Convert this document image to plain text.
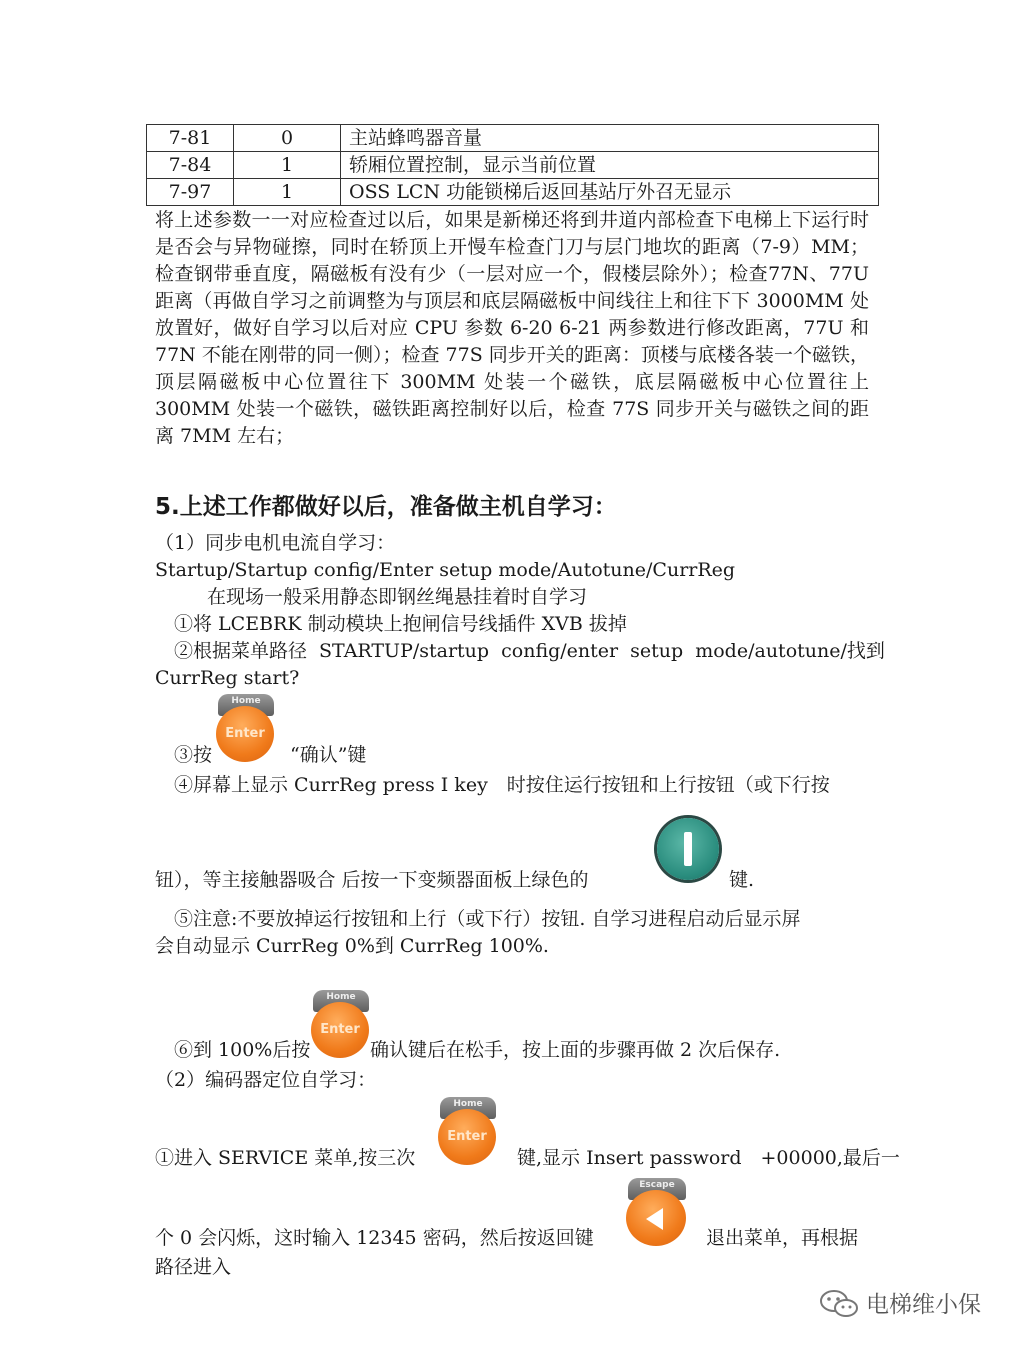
7-81	0	主站蜂鸣器音量
7-84	1	轿厢位置控制，显示当前位置
7-97	1	OSS LCN 功能锁梯后返回基站厅外召无显示
将上述参数一一对应检查过以后，如果是新梯还将到井道内部检查下电梯上下运行时是否会与异物碰擦，同时在轿顶上开慢车检查门刀与层门地坎的距离（7-9）MM；检查钢带垂直度，隔磁板有没有少（一层对应一个，假楼层除外）；检查77N、77U 距离（再做自学习之前调整为与顶层和底层隔磁板中间线往上和往下下 3000MM 处放置好，做好自学习以后对应 CPU 参数 6-20 6-21 两参数进行修改距离，77U 和 77N 不能在刚带的同一侧）；检查 77S 同步开关的距离：顶楼与底楼各装一个磁铁，顶层隔磁板中心位置往下 300MM 处装一个磁铁，底层隔磁板中心位置往上 300MM 处装一个磁铁，磁铁距离控制好以后，检查 77S 同步开关与磁铁之间的距离 7MM 左右；
5.上述工作都做好以后，准备做主机自学习：
（1）同步电机电流自学习：
Startup/Startup config/Enter setup mode/Autotune/CurrReg
在现场一般采用静态即钢丝绳悬挂着时自学习
①将 LCEBRK 制动模块上抱闸信号线插件 XVB 拔掉
②根据菜单路径 STARTUP/startup config/enter setup mode/autotune/找到
CurrReg start?
Home
Enter
③按	“确认”键
④屏幕上显示 CurrReg press I key　时按住运行按钮和上行按钮（或下行按
钮），等主接触器吸合 后按一下变频器面板上绿色的	键.
⑤注意:不要放掉运行按钮和上行（或下行）按钮. 自学习进程启动后显示屏
会自动显示 CurrReg 0%到 CurrReg 100%.
Home
Enter
⑥到 100%后按	确认键后在松手，按上面的步骤再做 2 次后保存.
（2）编码器定位自学习：
Home
Enter
①进入 SERVICE 菜单,按三次	键,显示 Insert password　+00000,最后一
Escape
个 0 会闪烁，这时输入 12345 密码，然后按返回键	退出菜单，再根据
路径进入
电梯维小保
